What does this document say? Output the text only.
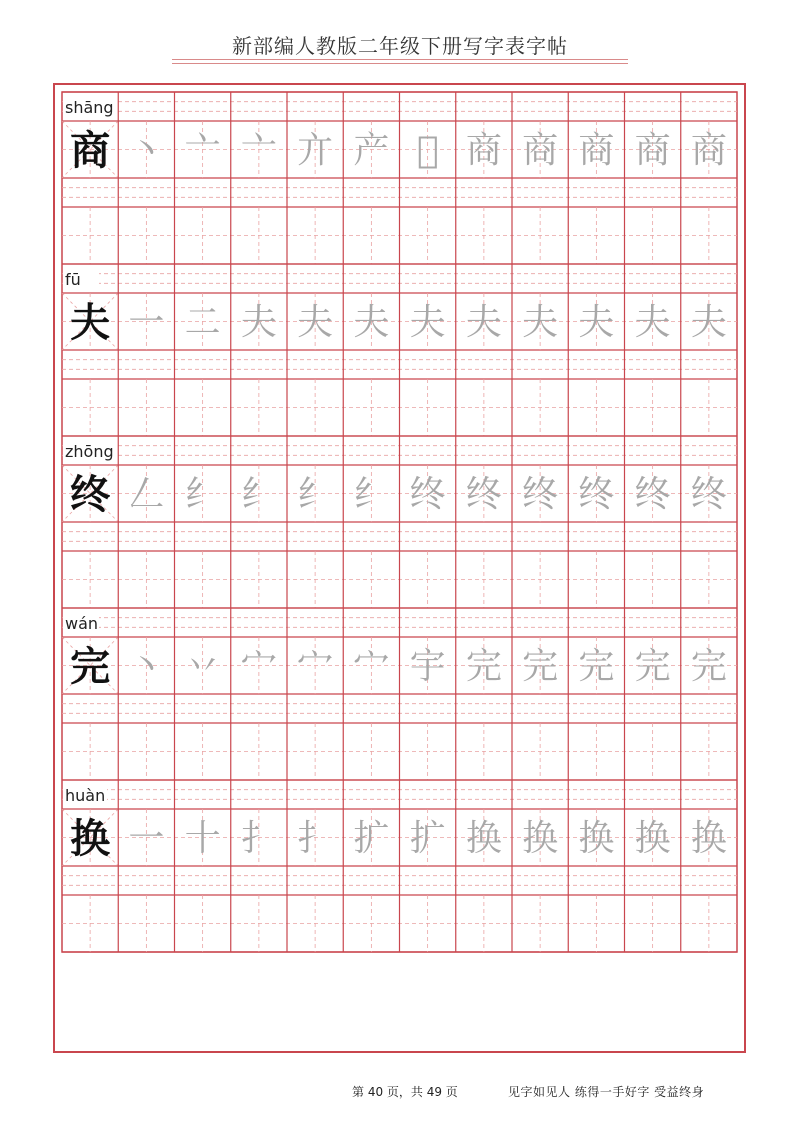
新部编人教版二年级下册写字表字帖
shāng
商 丶 亠 亠 亣 产 𠆭 商 商 商 商 商
fū
夫 一 二 夫 夫 夫 夫 夫 夫 夫 夫 夫
zhōng
终 𠃋 纟 纟 纟 纟 终 终 终 终 终 终
wán
完 丶 丷 宀 宀 宀 宇 完 完 完 完 完
huàn
换 一 十 扌 扌 扩 扩 换 换 换 换 换
第 40 页，共 49 页	见字如见人 练得一手好字 受益终身
